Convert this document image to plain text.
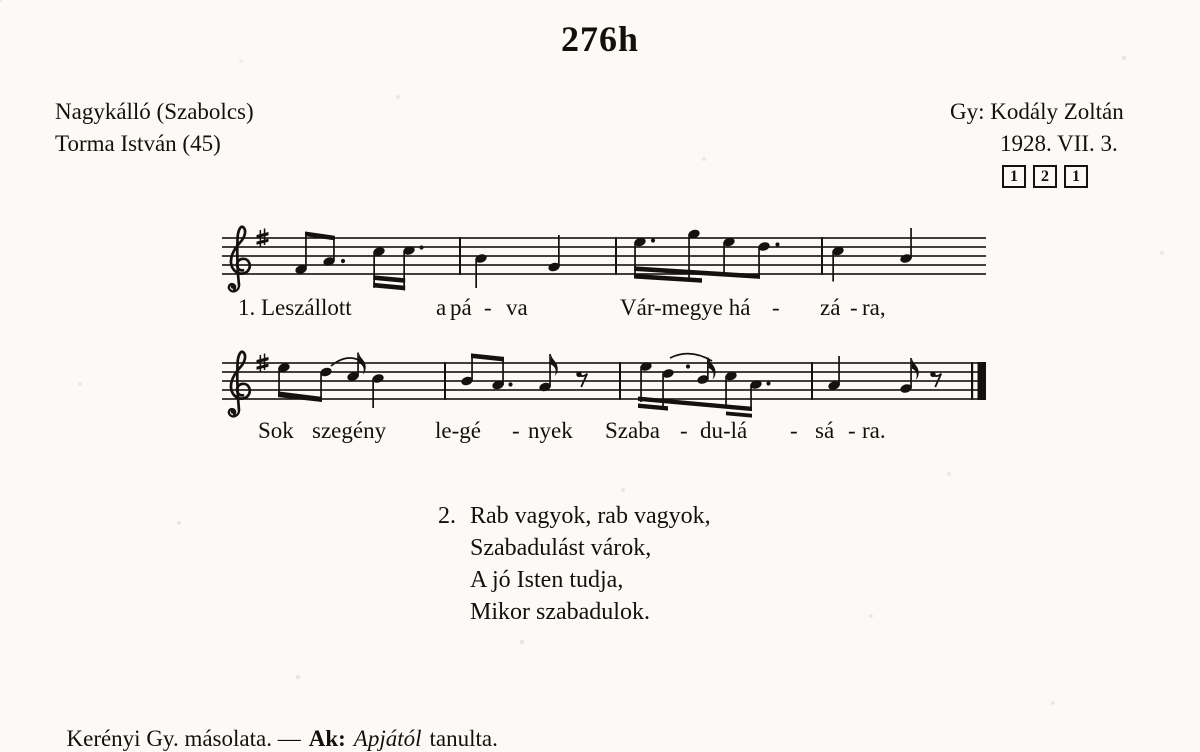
276h
Nagykálló (Szabolcs)
Torma István (45)
Gy: Kodály Zoltán
1928. VII. 3.
1	2	1
1. Leszállott	a pá - va	Vár-megye há - zá - ra,
Sok szegény le-gé - nyek Szaba - du-lá - sá - ra.
2. Rab vagyok, rab vagyok,
Szabadulást várok,
A jó Isten tudja,
Mikor szabadulok.

Kerényi Gy. másolata. — Ak: Apjától tanulta.
